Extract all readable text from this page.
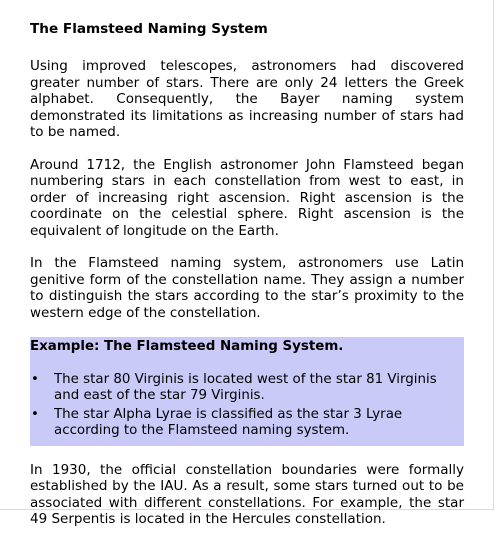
The Flamsteed Naming System

Using improved telescopes, astronomers had discovered greater number of stars. There are only 24 letters the Greek alphabet. Consequently, the Bayer naming system demonstrated its limitations as increasing number of stars had to be named.

Around 1712, the English astronomer John Flamsteed began numbering stars in each constellation from west to east, in order of increasing right ascension. Right ascension is the coordinate on the celestial sphere. Right ascension is the equivalent of longitude on the Earth.

In the Flamsteed naming system, astronomers use Latin genitive form of the constellation name. They assign a number to distinguish the stars according to the star’s proximity to the western edge of the constellation.

Example: The Flamsteed Naming System.
• The star 80 Virginis is located west of the star 81 Virginis and east of the star 79 Virginis.
• The star Alpha Lyrae is classified as the star 3 Lyrae according to the Flamsteed naming system.

In 1930, the official constellation boundaries were formally established by the IAU. As a result, some stars turned out to be associated with different constellations. For example, the star 49 Serpentis is located in the Hercules constellation.
